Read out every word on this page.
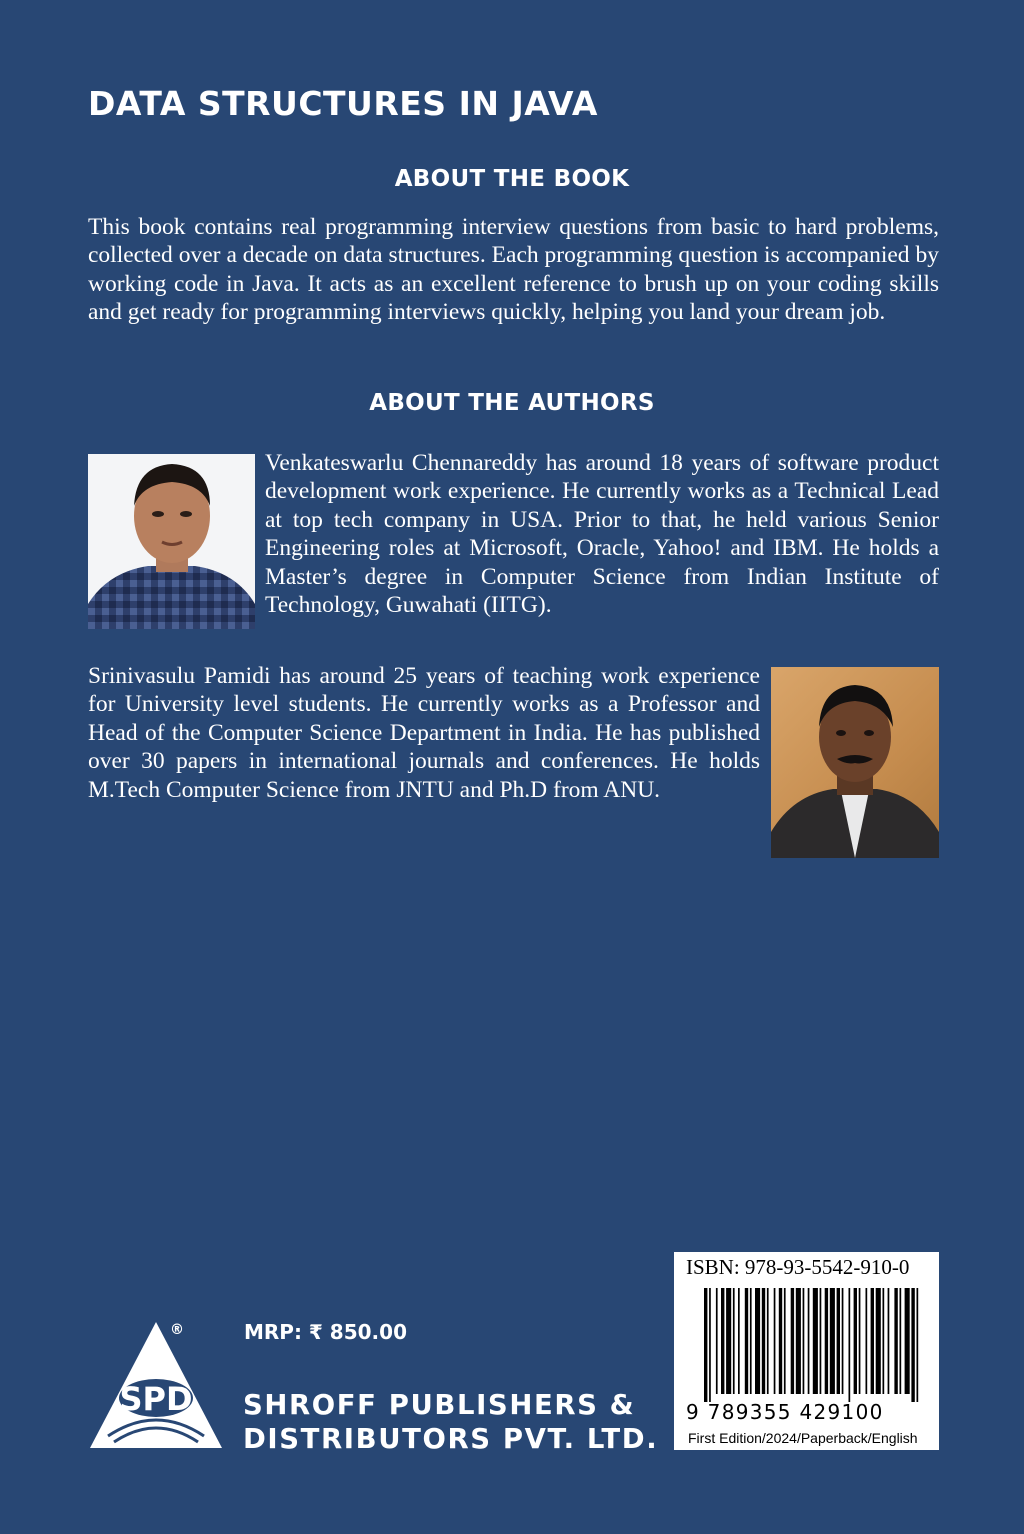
DATA STRUCTURES IN JAVA
ABOUT THE BOOK

This book contains real programming interview questions from basic to hard problems, collected over a decade on data structures. Each programming question is accompanied by working code in Java. It acts as an excellent reference to brush up on your coding skills and get ready for programming interviews quickly, helping you land your dream job.

ABOUT THE AUTHORS

Venkateswarlu Chennareddy has around 18 years of software product development work experience. He currently works as a Technical Lead at top tech company in USA. Prior to that, he held various Senior Engineering roles at Microsoft, Oracle, Yahoo! and IBM. He holds a Master’s degree in Computer Science from Indian Institute of Technology, Guwahati (IITG).

Srinivasulu Pamidi has around 25 years of teaching work experience for University level students. He currently works as a Professor and Head of the Computer Science Department in India. He has published over 30 papers in international journals and conferences. He holds M.Tech Computer Science from JNTU and Ph.D from ANU.

SPD
®	MRP: ₹ 850.00

SHROFF PUBLISHERS &

DISTRIBUTORS PVT. LTD.

ISBN: 978-93-5542-910-0

9 789355 429100

First Edition/2024/Paperback/English
